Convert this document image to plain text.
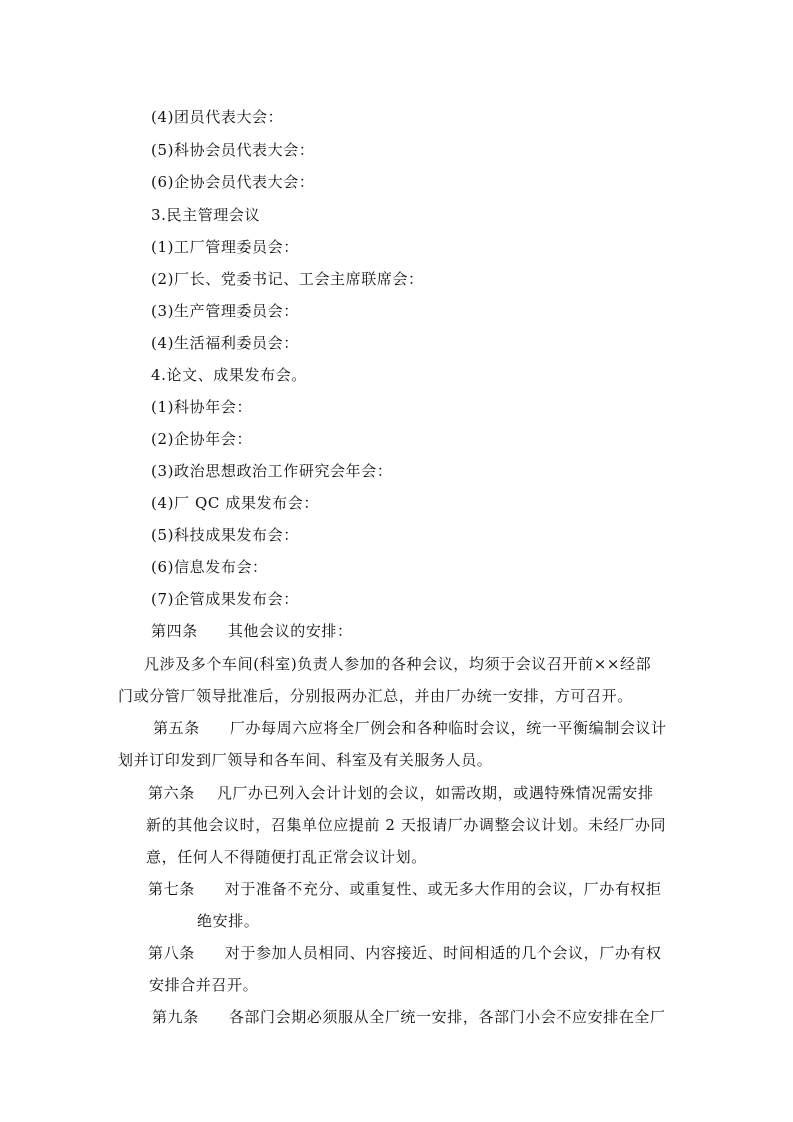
(4)团员代表大会：
(5)科协会员代表大会：
(6)企协会员代表大会：
3.民主管理会议
(1)工厂管理委员会：
(2)厂长、党委书记、工会主席联席会：
(3)生产管理委员会：
(4)生活福利委员会：
4.论文、成果发布会。
(1)科协年会：
(2)企协年会：
(3)政治思想政治工作研究会年会：
(4)厂 QC 成果发布会：
(5)科技成果发布会：
(6)信息发布会：
(7)企管成果发布会：
第四条 其他会议的安排：
凡涉及多个车间(科室)负责人参加的各种会议，均须于会议召开前××经部
门或分管厂领导批准后，分别报两办汇总，并由厂办统一安排，方可召开。
第五条 厂办每周六应将全厂例会和各种临时会议，统一平衡编制会议计
划并订印发到厂领导和各车间、科室及有关服务人员。
第六条 凡厂办已列入会计计划的会议，如需改期，或遇特殊情况需安排
新的其他会议时，召集单位应提前 2 天报请厂办调整会议计划。未经厂办同
意，任何人不得随便打乱正常会议计划。
第七条 对于准备不充分、或重复性、或无多大作用的会议，厂办有权拒
绝安排。
第八条 对于参加人员相同、内容接近、时间相适的几个会议，厂办有权
安排合并召开。
第九条 各部门会期必须服从全厂统一安排，各部门小会不应安排在全厂
